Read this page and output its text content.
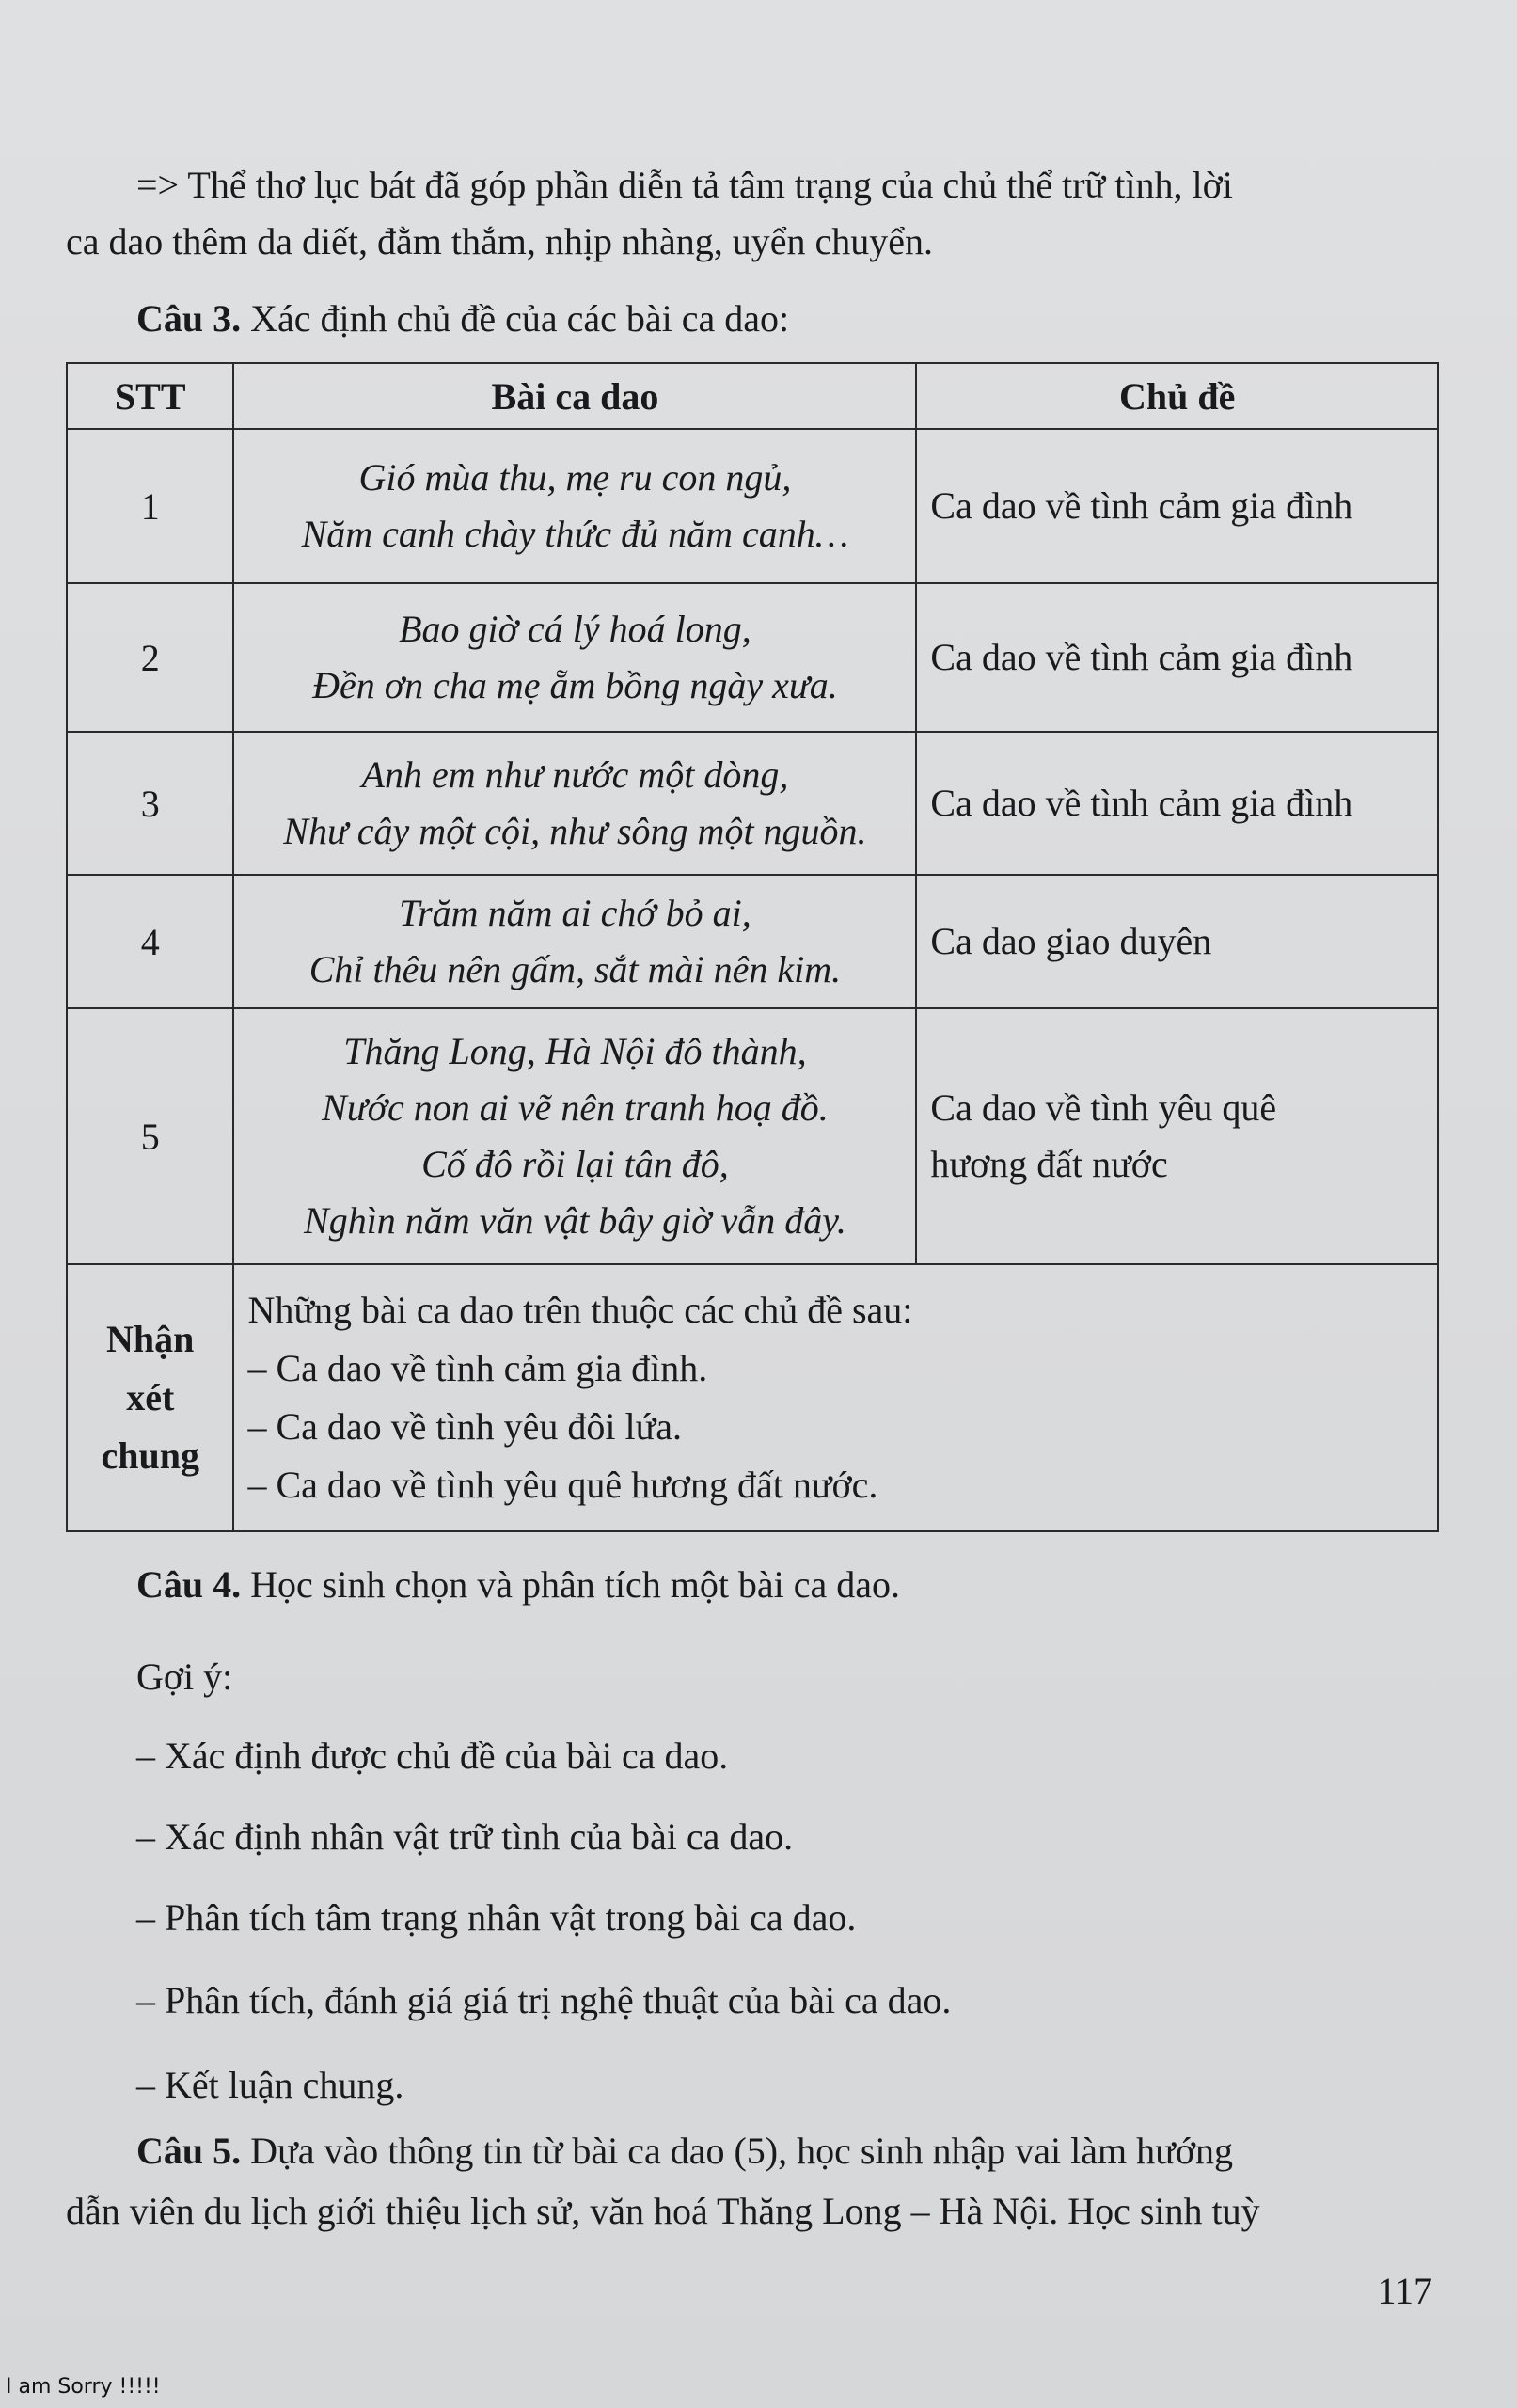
=> Thể thơ lục bát đã góp phần diễn tả tâm trạng của chủ thể trữ tình, lời
ca dao thêm da diết, đằm thắm, nhịp nhàng, uyển chuyển.
Câu 3. Xác định chủ đề của các bài ca dao:
STT	Bài ca dao	Chủ đề
1	Gió mùa thu, mẹ ru con ngủ,
Năm canh chày thức đủ năm canh…	Ca dao về tình cảm gia đình

2	Bao giờ cá lý hoá long,
Đền ơn cha mẹ ẵm bồng ngày xưa.	Ca dao về tình cảm gia đình

3	Anh em như nước một dòng,
Như cây một cội, như sông một nguồn.	Ca dao về tình cảm gia đình

4	Trăm năm ai chớ bỏ ai,
Chỉ thêu nên gấm, sắt mài nên kim.	Ca dao giao duyên

5	Thăng Long, Hà Nội đô thành,
Nước non ai vẽ nên tranh hoạ đồ.
Cố đô rồi lại tân đô,
Nghìn năm văn vật bây giờ vẫn đây.	Ca dao về tình yêu quê
hương đất nước

Nhận
xét
chung	Những bài ca dao trên thuộc các chủ đề sau:
– Ca dao về tình cảm gia đình.
– Ca dao về tình yêu đôi lứa.
– Ca dao về tình yêu quê hương đất nước.	
Câu 4. Học sinh chọn và phân tích một bài ca dao.
Gợi ý:
– Xác định được chủ đề của bài ca dao.
– Xác định nhân vật trữ tình của bài ca dao.
– Phân tích tâm trạng nhân vật trong bài ca dao.
– Phân tích, đánh giá giá trị nghệ thuật của bài ca dao.
– Kết luận chung.
Câu 5. Dựa vào thông tin từ bài ca dao (5), học sinh nhập vai làm hướng
dẫn viên du lịch giới thiệu lịch sử, văn hoá Thăng Long – Hà Nội. Học sinh tuỳ
117
I am Sorry !!!!!
